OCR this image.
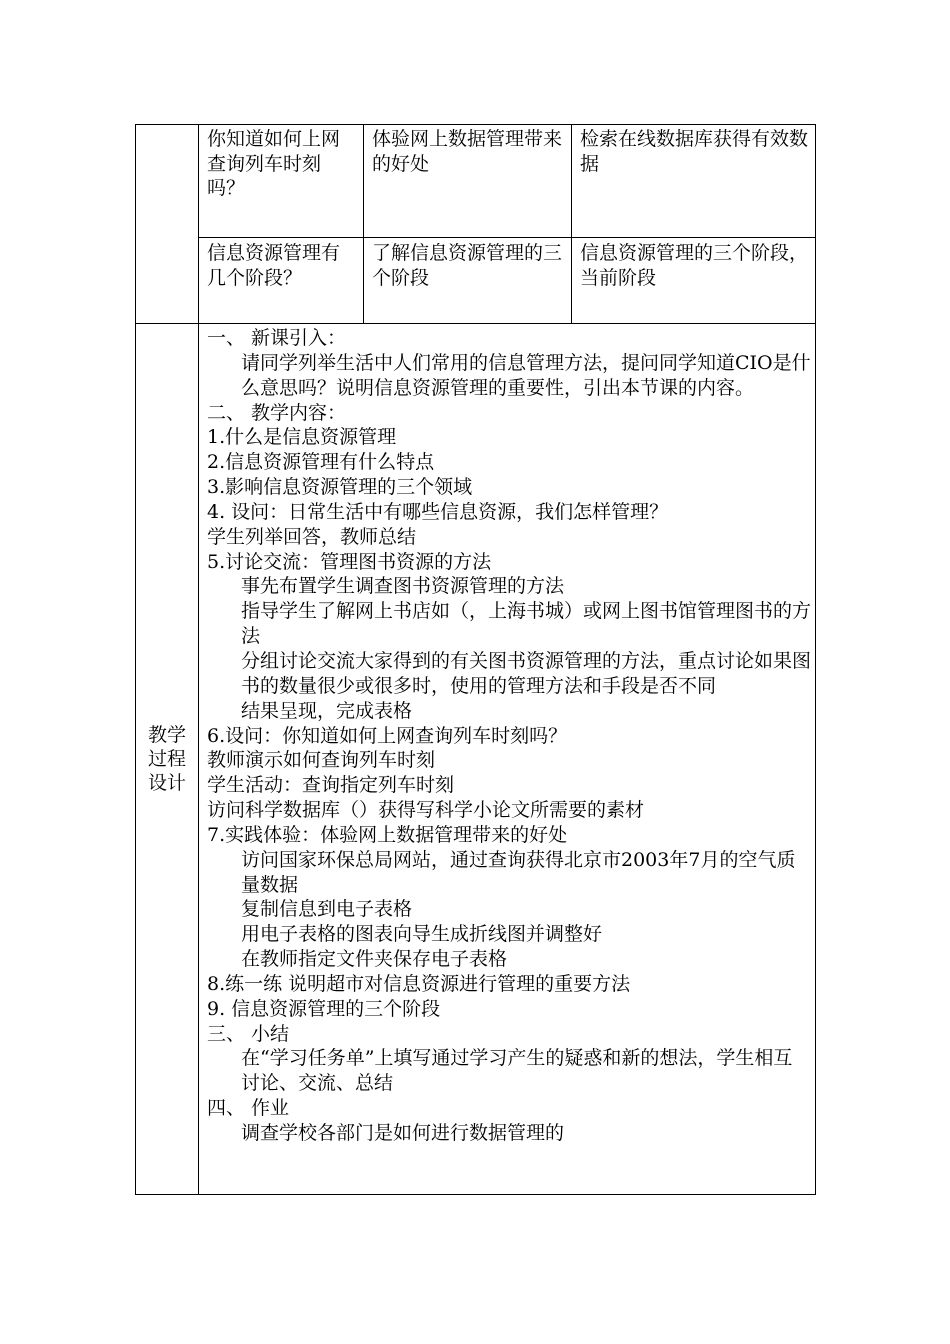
你知道如何上网查询列车时刻吗？
体验网上数据管理带来的好处
检索在线数据库获得有效数据
信息资源管理有几个阶段？
了解信息资源管理的三个阶段
信息资源管理的三个阶段，当前阶段
教学
过程
设计
一、 新课引入：
请同学列举生活中人们常用的信息管理方法，提问同学知道CIO是什么意思吗？说明信息资源管理的重要性，引出本节课的内容。
二、 教学内容：
1.什么是信息资源管理
2.信息资源管理有什么特点
3.影响信息资源管理的三个领域
4. 设问：日常生活中有哪些信息资源，我们怎样管理？
学生列举回答，教师总结
5.讨论交流：管理图书资源的方法
事先布置学生调查图书资源管理的方法
指导学生了解网上书店如（，上海书城）或网上图书馆管理图书的方法
分组讨论交流大家得到的有关图书资源管理的方法，重点讨论如果图书的数量很少或很多时，使用的管理方法和手段是否不同
结果呈现，完成表格
6.设问：你知道如何上网查询列车时刻吗？
教师演示如何查询列车时刻
学生活动：查询指定列车时刻
访问科学数据库（）获得写科学小论文所需要的素材
7.实践体验：体验网上数据管理带来的好处
访问国家环保总局网站，通过查询获得北京市2003年7月的空气质量数据
复制信息到电子表格
用电子表格的图表向导生成折线图并调整好
在教师指定文件夹保存电子表格
8.练一练 说明超市对信息资源进行管理的重要方法
9. 信息资源管理的三个阶段
三、 小结
在“学习任务单”上填写通过学习产生的疑惑和新的想法，学生相互讨论、交流、总结
四、 作业
调查学校各部门是如何进行数据管理的
